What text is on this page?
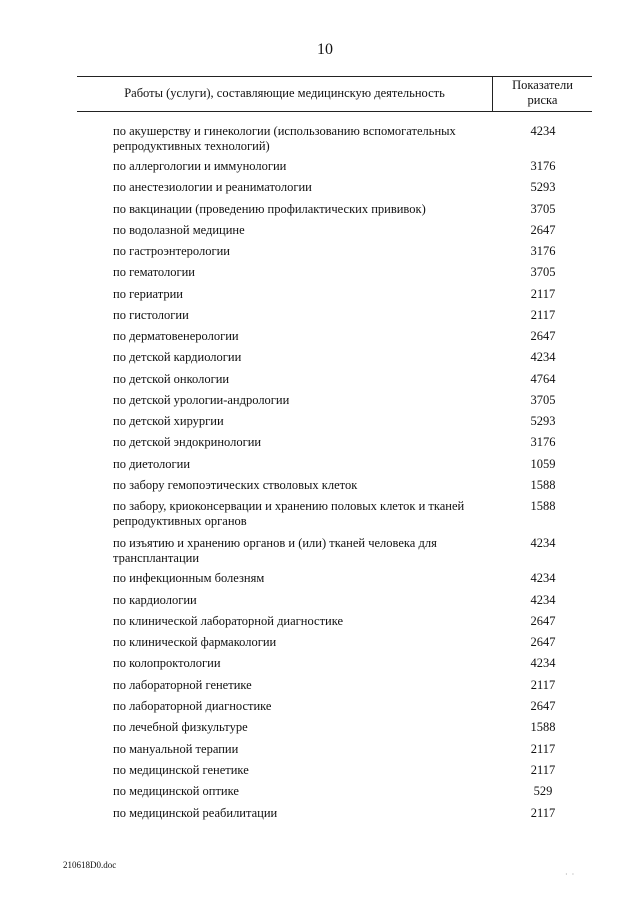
10
Работы (услуги), составляющие медицинскую деятельность
Показатели
риска
по акушерству и гинекологии (использованию вспомогательных репродуктивных технологий)
4234
по аллергологии и иммунологии	3176
по анестезиологии и реаниматологии	5293
по вакцинации (проведению профилактических прививок)	3705
по водолазной медицине	2647
по гастроэнтерологии	3176
по гематологии	3705
по гериатрии	2117
по гистологии	2117
по дерматовенерологии	2647
по детской кардиологии	4234
по детской онкологии	4764
по детской урологии-андрологии	3705
по детской хирургии	5293
по детской эндокринологии	3176
по диетологии	1059
по забору гемопоэтических стволовых клеток	1588
по забору, криоконсервации и хранению половых клеток и тканей репродуктивных органов
1588
по изъятию и хранению органов и (или) тканей человека для трансплантации
4234
по инфекционным болезням	4234
по кардиологии	4234
по клинической лабораторной диагностике	2647
по клинической фармакологии	2647
по колопроктологии	4234
по лабораторной генетике	2117
по лабораторной диагностике	2647
по лечебной физкультуре	1588
по мануальной терапии	2117
по медицинской генетике	2117
по медицинской оптике	529
по медицинской реабилитации	2117
210618D0.doc
· ·
